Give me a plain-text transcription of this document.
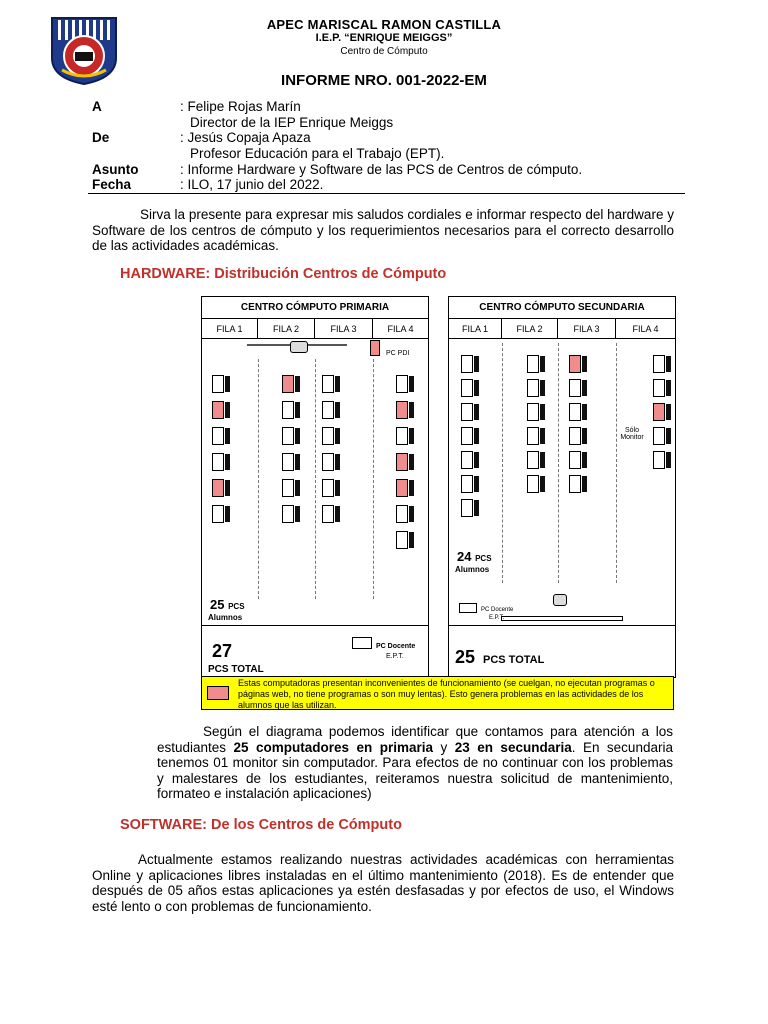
APEC MARISCAL RAMON CASTILLA
I.E.P. “ENRIQUE MEIGGS”
Centro de Cómputo
INFORME NRO. 001-2022-EM
A	: Felipe Rojas Marín
Director de la IEP Enrique Meiggs
De	: Jesús Copaja Apaza
Profesor Educación para el Trabajo (EPT).
Asunto	: Informe Hardware y Software de las PCS de Centros de cómputo.
Fecha	: ILO, 17 junio del 2022.
Sirva la presente para expresar mis saludos cordiales e informar respecto del hardware y Software de los centros de cómputo y los requerimientos necesarios para el correcto desarrollo de las actividades académicas.
HARDWARE: Distribución Centros de Cómputo
CENTRO CÓMPUTO PRIMARIA
FILA 1	FILA 2	FILA 3	FILA 4
PC PDI
25 PCS
Alumnos
27
PCS TOTAL
PC Docente
E.P.T.
CENTRO CÓMPUTO SECUNDARIA
FILA 1	FILA 2	FILA 3	FILA 4
Sólo Monitor
24 PCS
Alumnos
PC Docente
E.P.T.
25 PCS TOTAL
Estas computadoras presentan inconvenientes de funcionamiento (se cuelgan, no ejecutan programas o páginas web, no tiene programas o son muy lentas). Esto genera problemas en las actividades de los alumnos que las utilizan.
Según el diagrama podemos identificar que contamos para atención a los estudiantes 25 computadores en primaria y 23 en secundaria. En secundaria tenemos 01 monitor sin computador. Para efectos de no continuar con los problemas y malestares de los estudiantes, reiteramos nuestra solicitud de mantenimiento, formateo e instalación aplicaciones)
SOFTWARE: De los Centros de Cómputo
Actualmente estamos realizando nuestras actividades académicas con herramientas Online y aplicaciones libres instaladas en el último mantenimiento (2018). Es de entender que después de 05 años estas aplicaciones ya estén desfasadas y por efectos de uso, el Windows esté lento o con problemas de funcionamiento.
